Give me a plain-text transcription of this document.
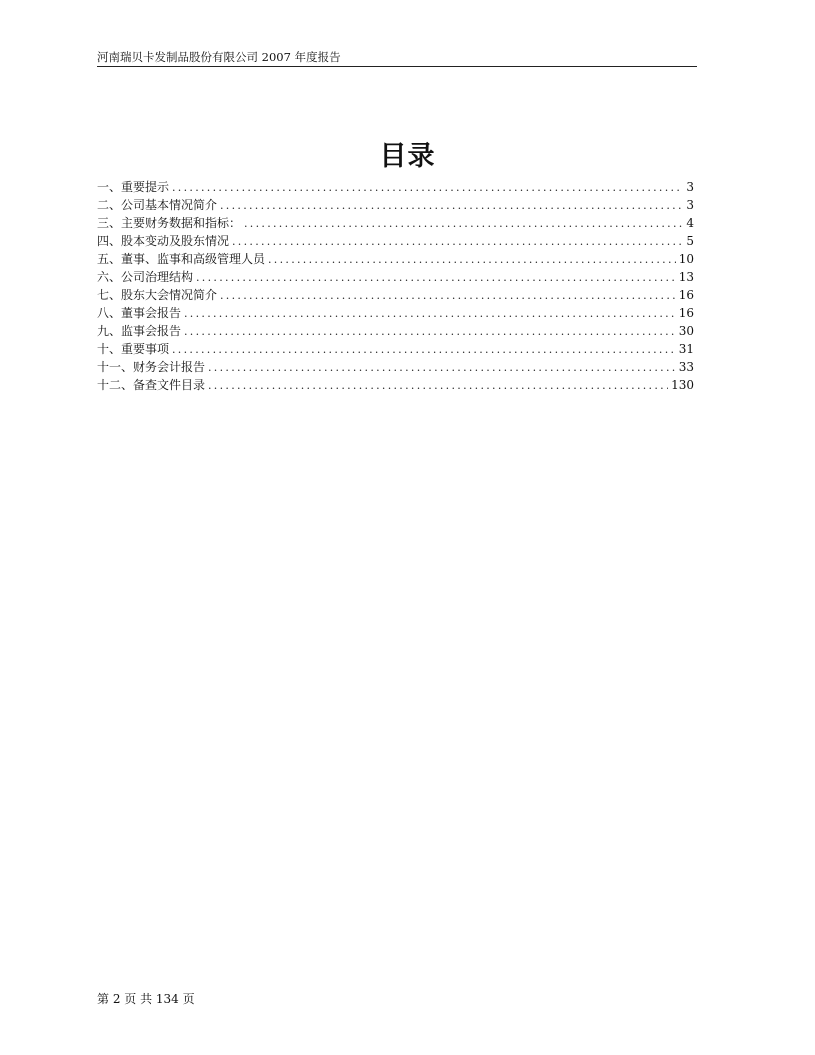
河南瑞贝卡发制品股份有限公司 2007 年度报告
目录
一、重要提示 .....	3
二、公司基本情况简介 .....	3
三、主要财务数据和指标： .....	4
四、股本变动及股东情况 .....	5
五、董事、监事和高级管理人员 .....	10
六、公司治理结构 .....	13
七、股东大会情况简介 .....	16
八、董事会报告 .....	16
九、监事会报告 .....	30
十、重要事项 .....	31
十一、财务会计报告 .....	33
十二、备查文件目录 .....	130
第 2 页 共 134 页
